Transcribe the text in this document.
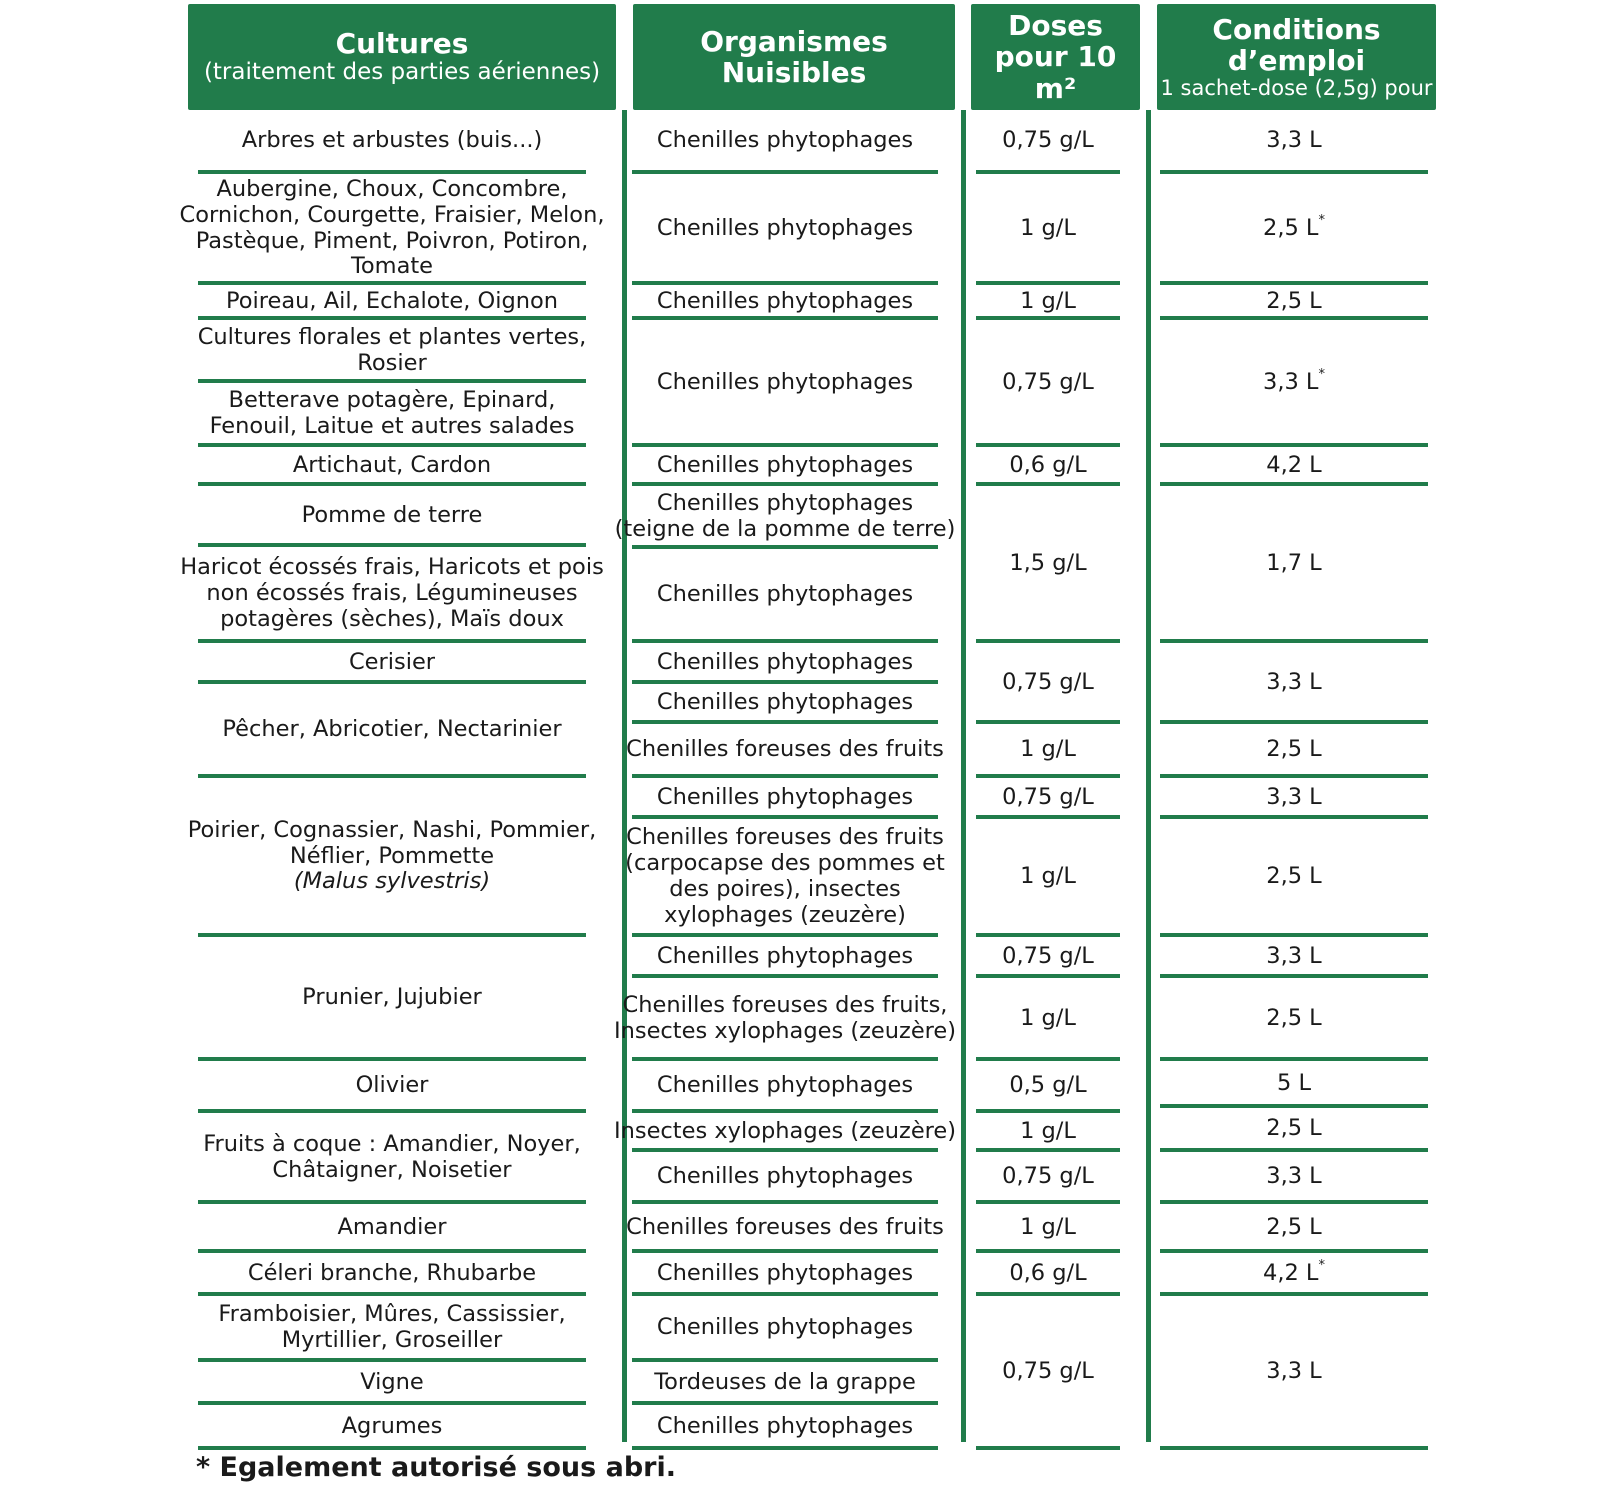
Cultures
(traitement des parties aériennes)
Organismes
Nuisibles
Doses
pour 10 m²
Conditions
d’emploi
1 sachet-dose (2,5g) pour
Arbres et arbustes (buis...)
Aubergine, Choux, Concombre,
Cornichon, Courgette, Fraisier, Melon,
Pastèque, Piment, Poivron, Potiron,
Tomate
Poireau, Ail, Echalote, Oignon
Cultures florales et plantes vertes,
Rosier
Betterave potagère, Epinard,
Fenouil, Laitue et autres salades
Artichaut, Cardon
Pomme de terre
Haricot écossés frais, Haricots et pois
non écossés frais, Légumineuses
potagères (sèches), Maïs doux
Cerisier
Pêcher, Abricotier, Nectarinier
Poirier, Cognassier, Nashi, Pommier,
Néflier, Pommette
(Malus sylvestris)
Prunier, Jujubier
Olivier
Fruits à coque : Amandier, Noyer,
Châtaigner, Noisetier
Amandier
Céleri branche, Rhubarbe
Framboisier, Mûres, Cassissier,
Myrtillier, Groseiller
Vigne
Agrumes
Chenilles phytophages
Chenilles phytophages
Chenilles phytophages
Chenilles phytophages
Chenilles phytophages
Chenilles phytophages
(teigne de la pomme de terre)
Chenilles phytophages
Chenilles phytophages
Chenilles phytophages
Chenilles foreuses des fruits
Chenilles phytophages
Chenilles foreuses des fruits
(carpocapse des pommes et
des poires), insectes
xylophages (zeuzère)
Chenilles phytophages
Chenilles foreuses des fruits,
Insectes xylophages (zeuzère)
Chenilles phytophages
Insectes xylophages (zeuzère)
Chenilles phytophages
Chenilles foreuses des fruits
Chenilles phytophages
Chenilles phytophages
Tordeuses de la grappe
Chenilles phytophages
0,75 g/L
1 g/L
1 g/L
0,75 g/L
0,6 g/L
1,5 g/L
0,75 g/L
1 g/L
0,75 g/L
1 g/L
0,75 g/L
1 g/L
0,5 g/L
1 g/L
0,75 g/L
1 g/L
0,6 g/L
0,75 g/L
3,3 L
2,5 L*
2,5 L
3,3 L*
4,2 L
1,7 L
3,3 L
2,5 L
3,3 L
2,5 L
3,3 L
2,5 L
5 L
2,5 L
3,3 L
2,5 L
4,2 L*
3,3 L
* Egalement autorisé sous abri.
